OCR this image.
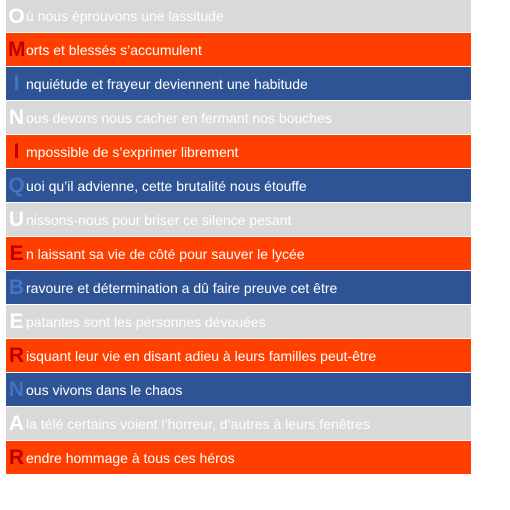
O ù nous éprouvons une lassitude
M orts et blessés s’accumulent
I nquiétude et frayeur deviennent une habitude
N ous devons nous cacher en fermant nos bouches
I mpossible de s’exprimer librement
Q uoi qu’il advienne, cette brutalité nous étouffe
U nissons-nous pour briser ce silence pesant
E n laissant sa vie de côté pour sauver le lycée
B ravoure et détermination a dû faire preuve cet être
E patantes sont les personnes dévouées
R isquant leur vie en disant adieu à leurs familles peut-être
N ous vivons dans le chaos
A la télé certains voient l’horreur, d’autres à leurs fenêtres
R endre hommage à tous ces héros
